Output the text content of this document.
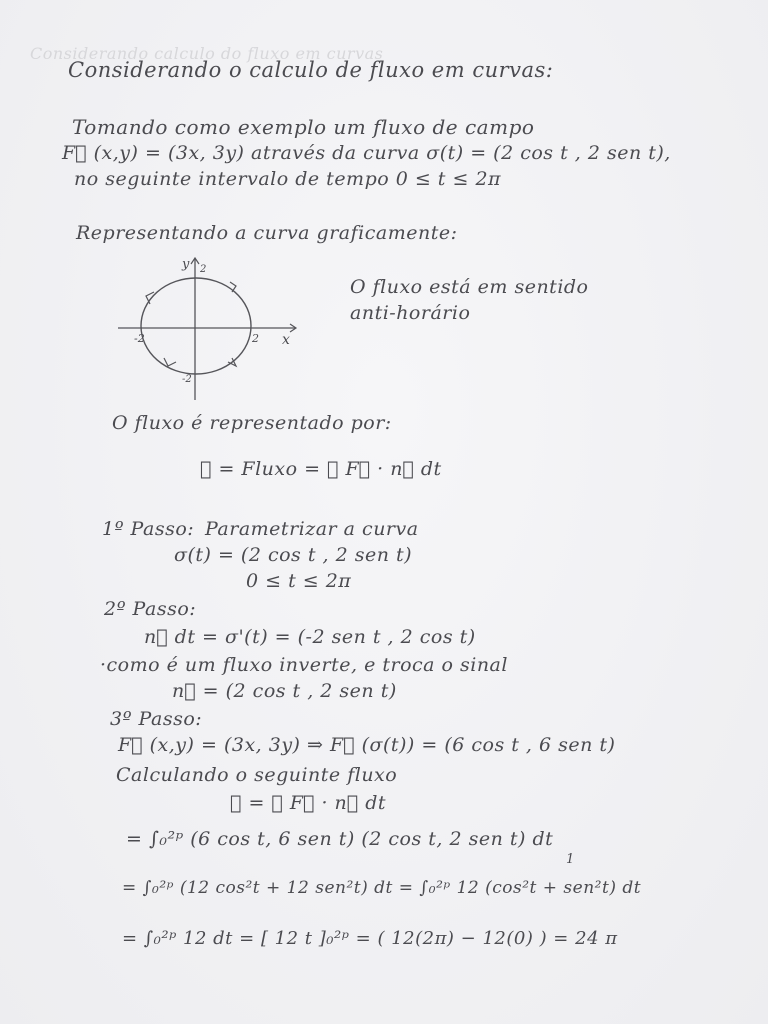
Considerando calculo do fluxo em curvas
Considerando o calculo de fluxo em curvas:
Tomando como exemplo um fluxo de campo
F⃗ (x,y) = (3x, 3y) através da curva σ(t) = (2 cos t , 2 sen t),
no seguinte intervalo de tempo 0 ≤ t ≤ 2π
Representando a curva graficamente:
y
x
2
-2
2
-2
O fluxo está em sentido
anti-horário
O fluxo é representado por:
∅ = Fluxo = ∮ F⃗ · n⃗ dt
1º Passo: Parametrizar a curva
σ(t) = (2 cos t , 2 sen t)
0 ≤ t ≤ 2π
2º Passo:
n⃗ dt = σ'(t) = (-2 sen t , 2 cos t)
·como é um fluxo inverte, e troca o sinal
n⃗ = (2 cos t , 2 sen t)
3º Passo:
F⃗ (x,y) = (3x, 3y) ⇒ F⃗ (σ(t)) = (6 cos t , 6 sen t)
Calculando o seguinte fluxo
∅ = ∮ F⃗ · n⃗ dt
= ∫₀²ᵖ (6 cos t, 6 sen t) (2 cos t, 2 sen t) dt
1
= ∫₀²ᵖ (12 cos²t + 12 sen²t) dt = ∫₀²ᵖ 12 (cos²t + sen²t) dt
= ∫₀²ᵖ 12 dt = [ 12 t ]₀²ᵖ = ( 12(2π) − 12(0) ) = 24 π
